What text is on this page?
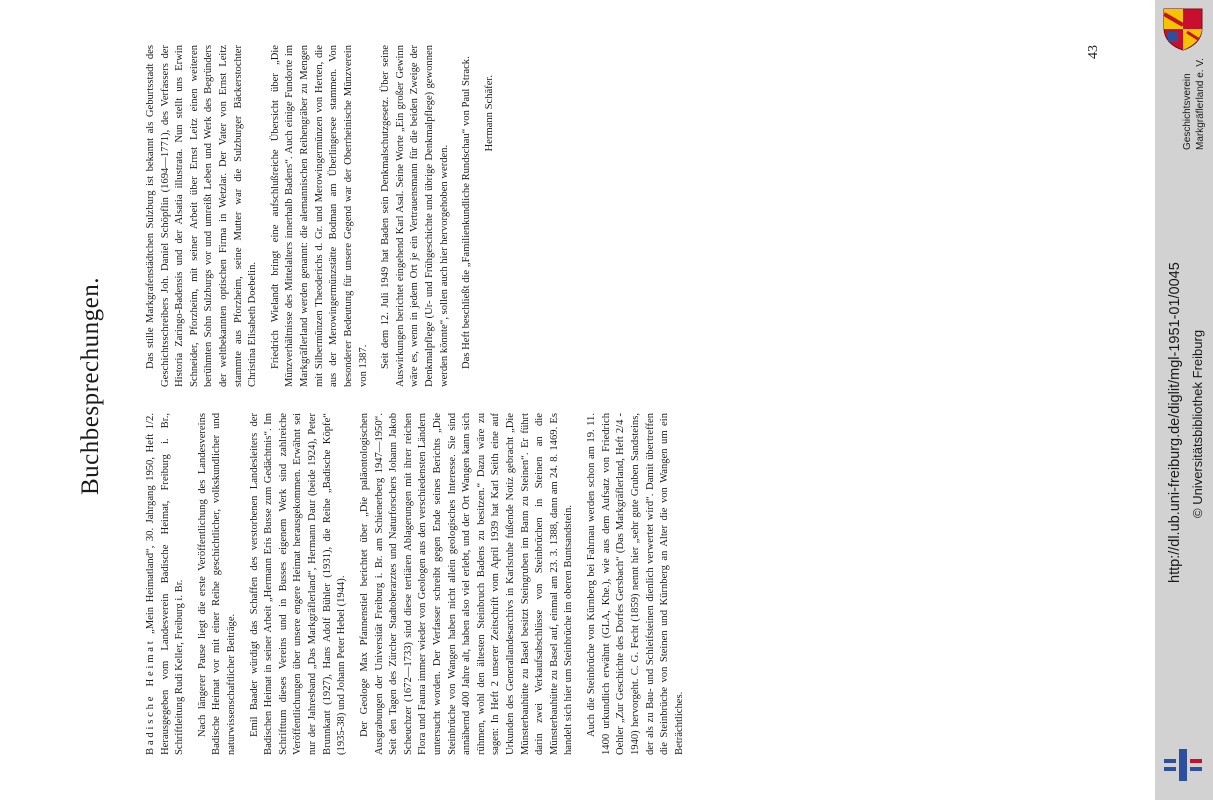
Buchbesprechungen.

Badische Heimat „Mein Heimatland“, 30. Jahrgang 1950, Heft 1/2. Herausgegeben vom Landesverein Badische Heimat, Freiburg i. Br., Schriftleitung Rudi Keller, Freiburg i. Br. Nach längerer Pause liegt die erste Veröffentlichung des Landesvereins Badische Heimat vor mit einer Reihe geschichtlicher, volkskundlicher und naturwissenschaftlicher Beiträge. Emil Baader würdigt das Schaffen des verstorbenen Landesleiters der Badischen Heimat in seiner Arbeit „Hermann Eris Busse zum Gedächtnis“. Im Schrifttum dieses Vereins und in Busses eigenem Werk sind zahlreiche Veröffentlichungen über unsere engere Heimat herausgekommen. Erwähnt sei nur der Jahresband „Das Markgräflerland“, Hermann Daur (beide 1924), Peter Brunnkant (1927), Hans Adolf Bühler (1931), die Reihe „Badische Köpfe“ (1935-38) und Johann Peter Hebel (1944). Der Geologe Max Pfannenstiel berichtet über „Die paläontologischen Ausgrabungen der Universität Freiburg i. Br. am Schienerberg 1947—1950“. Seit den Tagen des Zürcher Stadtoberarztes und Naturforschers Johann Jakob Scheuchzer (1672—1733) sind diese tertiären Ablagerungen mit ihrer reichen Flora und Fauna immer wieder von Geologen aus den verschiedensten Ländern untersucht worden. Der Verfasser schreibt gegen Ende seines Berichts „Die Steinbrüche von Wangen haben nicht allein geologisches Interesse. Sie sind annähernd 400 Jahre alt, haben also viel erlebt, und der Ort Wangen kann sich rühmen, wohl den ältesten Steinbruch Badens zu besitzen.“ Dazu wäre zu sagen: In Heft 2 unserer Zeitschrift vom April 1939 hat Karl Seith eine auf Urkunden des Generallandesarchivs in Karlsruhe fußende Notiz gebracht „Die Münsterbauhütte zu Basel besitzt Steingruben im Bann zu Steinen“. Er führt darin zwei Verkaufsabschlüsse von Steinbrüchen in Steinen an die Münsterbauhütte zu Basel auf, einmal am 23. 3. 1388, dann am 24. 8. 1469. Es handelt sich hier um Steinbrüche im oberen Buntsandstein. Auch die Steinbrüche von Kürnberg bei Fahrnau werden schon am 19. 11. 1400 urkundlich erwähnt (GLA, Khe.), wie aus dem Aufsatz von Friedrich Oehler „Zur Geschichte des Dorfes Gersbach“ (Das Markgräflerland, Heft 2/4 - 1940) hervorgeht. C. G. Fecht (1859) nennt hier „sehr gute Gruben Sandsteins, der als zu Bau- und Schleifsteinen dienlich verwertet wird“. Damit übertreffen die Steinbrüche von Steinen und Kürnberg an Alter die von Wangen um ein Beträchtliches.

Das stille Markgrafenstädtchen Sulzburg ist bekannt als Geburtsstadt des Geschichtsschreibers Joh. Daniel Schöpflin (1694—1771), des Verfassers der Historia Zaringo-Badensis und der Alsatia illustrata. Nun stellt uns Erwin Schneider, Pforzheim, mit seiner Arbeit über Ernst Leitz einen weiteren berühmten Sohn Sulzburgs vor und umreißt Leben und Werk des Begründers der weltbekannten optischen Firma in Wetzlar. Der Vater von Ernst Leitz stammte aus Pforzheim, seine Mutter war die Sulzburger Bäckerstochter Christina Elisabeth Doebelin. Friedrich Wielandt bringt eine aufschlußreiche Übersicht über „Die Münzverhältnisse des Mittelalters innerhalb Badens“. Auch einige Fundorte im Markgräflerland werden genannt: die alemannischen Reihengräber zu Mengen mit Silbermünzen Theoderichs d. Gr. und Merowingermünzen von Herten, die aus der Merowingermünzstätte Bodman am Überlingersee stammen. Von besonderer Bedeutung für unsere Gegend war der Oberrheinische Münzverein von 1387. Seit dem 12. Juli 1949 hat Baden sein Denkmalschutzgesetz. Über seine Auswirkungen berichtet eingehend Karl Asal. Seine Worte „Ein großer Gewinn wäre es, wenn in jedem Ort je ein Vertrauensmann für die beiden Zweige der Denkmalpflege (Ur- und Frühgeschichte und übrige Denkmalpflege) gewonnen werden könnte“, sollen auch hier hervorgehoben werden. Das Heft beschließt die „Familienkundliche Rundschau“ von Paul Strack. Hermann Schäfer.
43
Geschichtsverein Markgräflerland e. V.
http://dl.ub.uni-freiburg.de/diglit/mgl-1951-01/0045 © Universitätsbibliothek Freiburg
